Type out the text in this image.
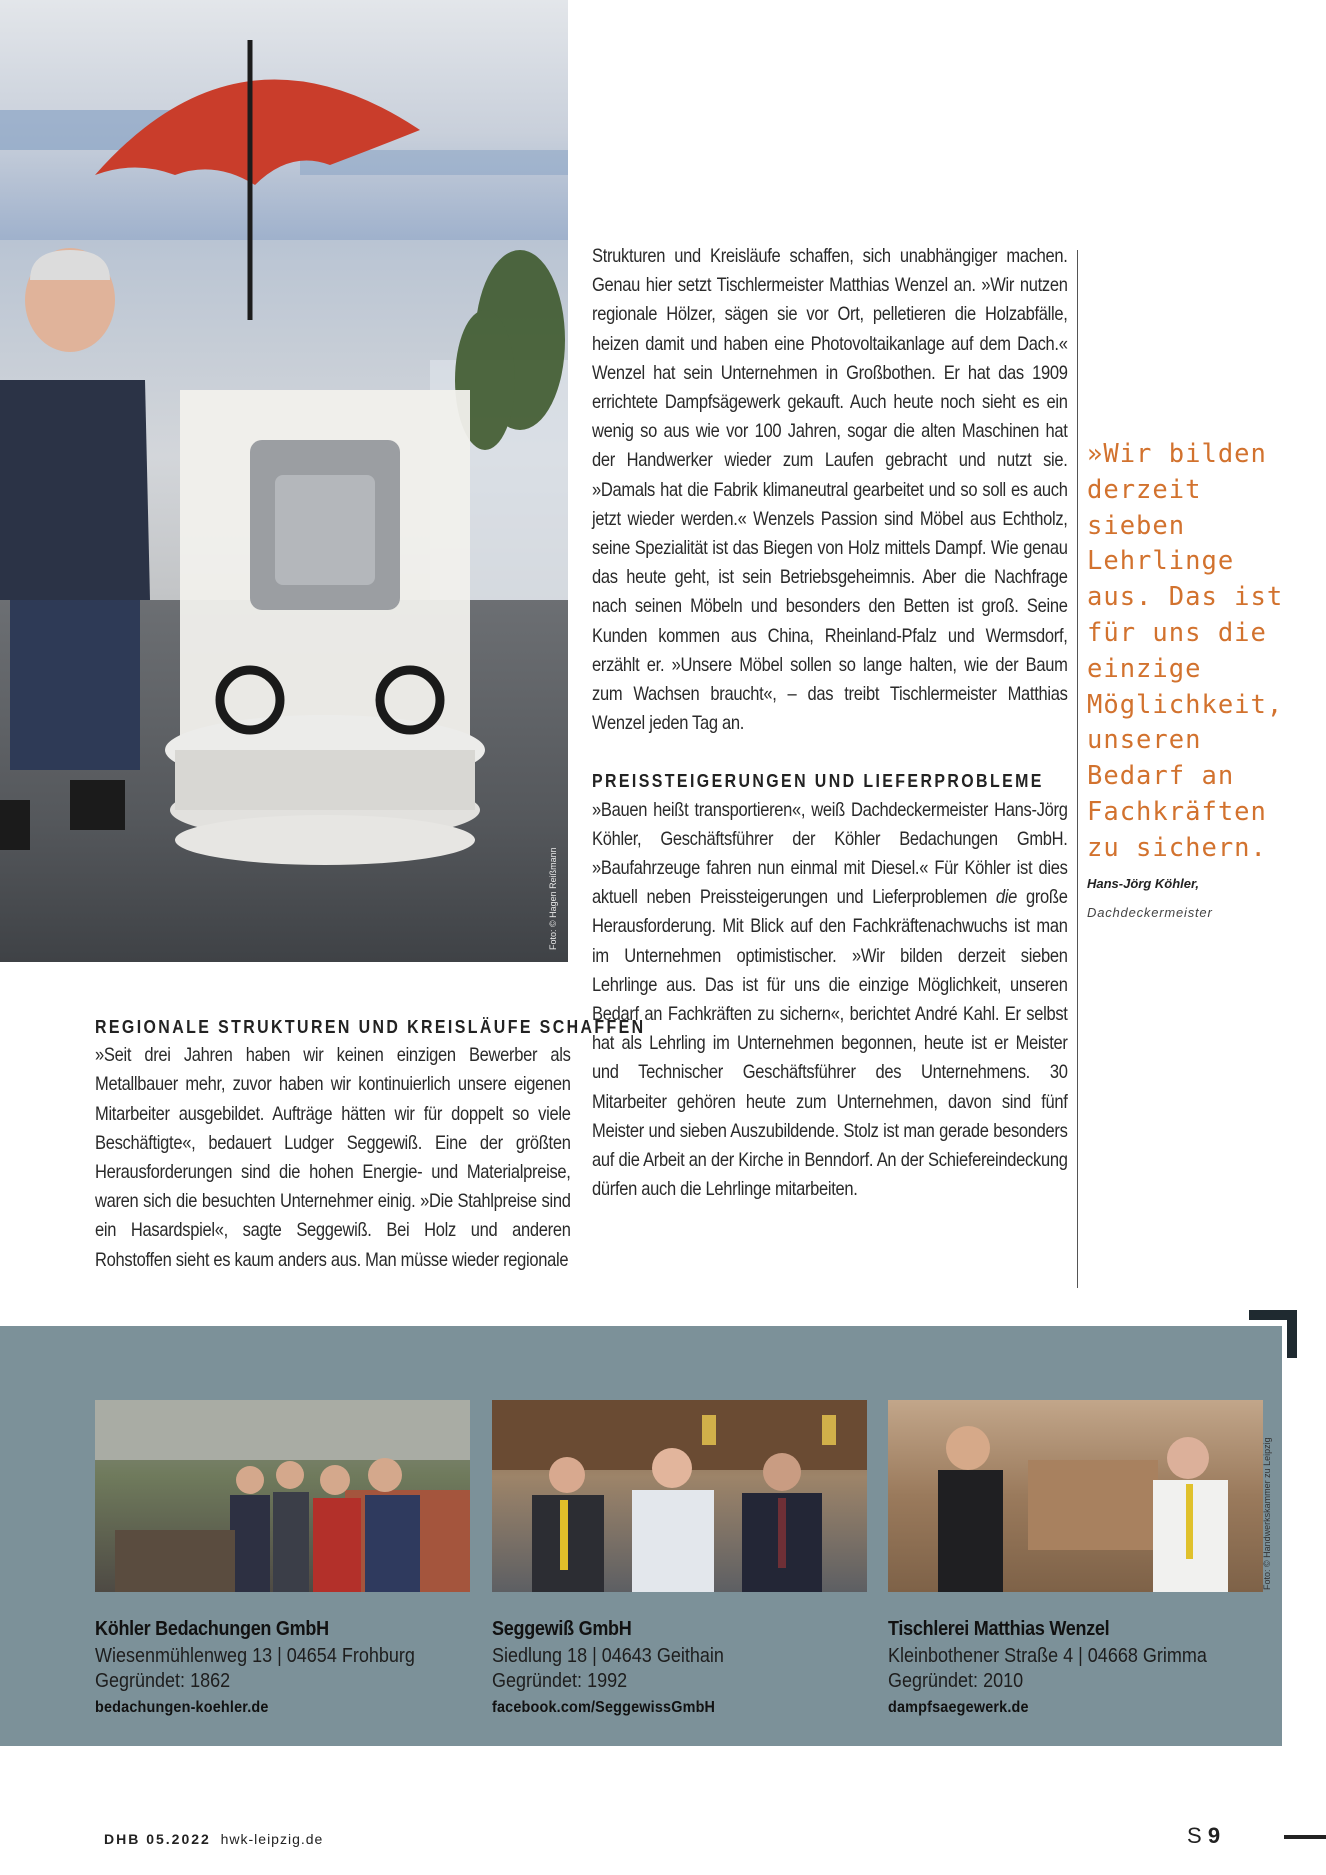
Foto: © Hagen Reißmann

Strukturen und Kreisläufe schaffen, sich unabhängiger machen. Genau hier setzt Tischlermeister Matthias Wenzel an. »Wir nutzen regionale Hölzer, sägen sie vor Ort, pelletieren die Holzabfälle, heizen damit und haben eine Photovoltaikanlage auf dem Dach.« Wenzel hat sein Unternehmen in Großbothen. Er hat das 1909 errichtete Dampfsägewerk gekauft. Auch heute noch sieht es ein wenig so aus wie vor 100 Jahren, sogar die alten Maschinen hat der Handwerker wieder zum Laufen gebracht und nutzt sie. »Damals hat die Fabrik klimaneutral gearbeitet und so soll es auch jetzt wieder werden.« Wenzels Passion sind Möbel aus Echtholz, seine Spezialität ist das Biegen von Holz mittels Dampf. Wie genau das heute geht, ist sein Betriebsgeheimnis. Aber die Nachfrage nach seinen Möbeln und besonders den Betten ist groß. Seine Kunden kommen aus China, Rheinland-Pfalz und Wermsdorf, erzählt er. »Unsere Möbel sollen so lange halten, wie der Baum zum Wachsen braucht«, – das treibt Tischlermeister Matthias Wenzel jeden Tag an.

PREISSTEIGERUNGEN UND LIEFERPROBLEME

»Bauen heißt transportieren«, weiß Dachdeckermeister Hans-Jörg Köhler, Geschäftsführer der Köhler Bedachungen GmbH. »Baufahrzeuge fahren nun einmal mit Diesel.« Für Köhler ist dies aktuell neben Preissteigerungen und Lieferproblemen die große Herausforderung. Mit Blick auf den Fachkräftenachwuchs ist man im Unternehmen optimistischer. »Wir bilden derzeit sieben Lehrlinge aus. Das ist für uns die einzige Möglichkeit, unseren Bedarf an Fachkräften zu sichern«, berichtet André Kahl. Er selbst hat als Lehrling im Unternehmen begonnen, heute ist er Meister und Technischer Geschäftsführer des Unternehmens. 30 Mitarbeiter gehören heute zum Unternehmen, davon sind fünf Meister und sieben Auszubildende. Stolz ist man gerade besonders auf die Arbeit an der Kirche in Benndorf. An der Schiefereindeckung dürfen auch die Lehrlinge mitarbeiten.

REGIONALE STRUKTUREN UND KREISLÄUFE SCHAFFEN

»Seit drei Jahren haben wir keinen einzigen Bewerber als Metallbauer mehr, zuvor haben wir kontinuierlich unsere eigenen Mitarbeiter ausgebildet. Aufträge hätten wir für doppelt so viele Beschäftigte«, bedauert Ludger Seggewiß. Eine der größten Herausforderungen sind die hohen Energie- und Materialpreise, waren sich die besuchten Unternehmer einig. »Die Stahlpreise sind ein Hasardspiel«, sagte Seggewiß. Bei Holz und anderen Rohstoffen sieht es kaum anders aus. Man müsse wieder regionale

»Wir bilden
derzeit
sieben
Lehrlinge
aus. Das ist
für uns die
einzige
Möglichkeit,
unseren
Bedarf an
Fachkräften
zu sichern.
Hans-Jörg Köhler,
Dachdeckermeister
Köhler Bedachungen GmbH
Wiesenmühlenweg 13 | 04654 Frohburg
Gegründet: 1862
bedachungen-koehler.de
Seggewiß GmbH
Siedlung 18 | 04643 Geithain
Gegründet: 1992
facebook.com/SeggewissGmbH
Tischlerei Matthias Wenzel
Kleinbothener Straße 4 | 04668 Grimma
Gegründet: 2010
dampfsaegewerk.de
Foto: © Handwerkskammer zu Leipzig
DHB 05.2022 hwk-leipzig.de	S 9
